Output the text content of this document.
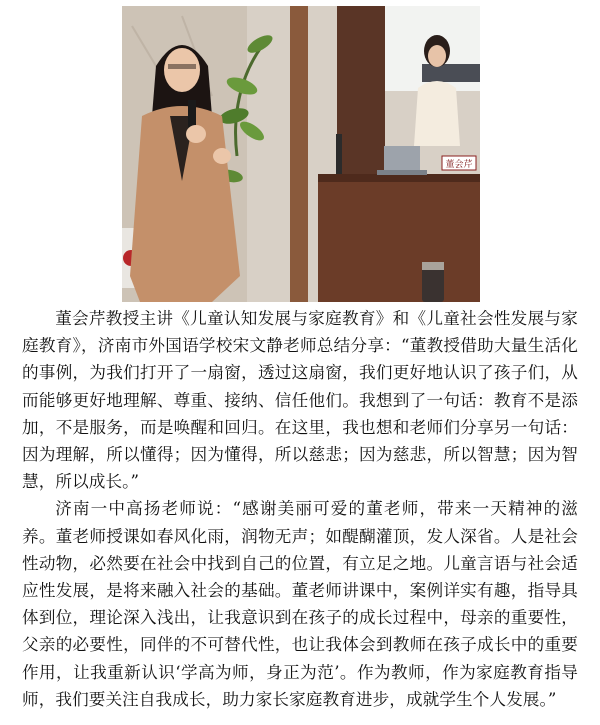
董会芹

董会芹教授主讲《儿童认知发展与家庭教育》和《儿童社会性发展与家庭教育》，济南市外国语学校宋文静老师总结分享：“董教授借助大量生活化的事例，为我们打开了一扇窗，透过这扇窗，我们更好地认识了孩子们，从而能够更好地理解、尊重、接纳、信任他们。我想到了一句话：教育不是添加，不是服务，而是唤醒和回归。在这里，我也想和老师们分享另一句话：因为理解，所以懂得；因为懂得，所以慈悲；因为慈悲，所以智慧；因为智慧，所以成长。”

济南一中高扬老师说：“感谢美丽可爱的董老师，带来一天精神的滋养。董老师授课如春风化雨，润物无声；如醍醐灌顶，发人深省。人是社会性动物，必然要在社会中找到自己的位置，有立足之地。儿童言语与社会适应性发展，是将来融入社会的基础。董老师讲课中，案例详实有趣，指导具体到位，理论深入浅出，让我意识到在孩子的成长过程中，母亲的重要性，父亲的必要性，同伴的不可替代性，也让我体会到教师在孩子成长中的重要作用，让我重新认识‘学高为师，身正为范’。作为教师，作为家庭教育指导师，我们要关注自我成长，助力家长家庭教育进步，成就学生个人发展。”
